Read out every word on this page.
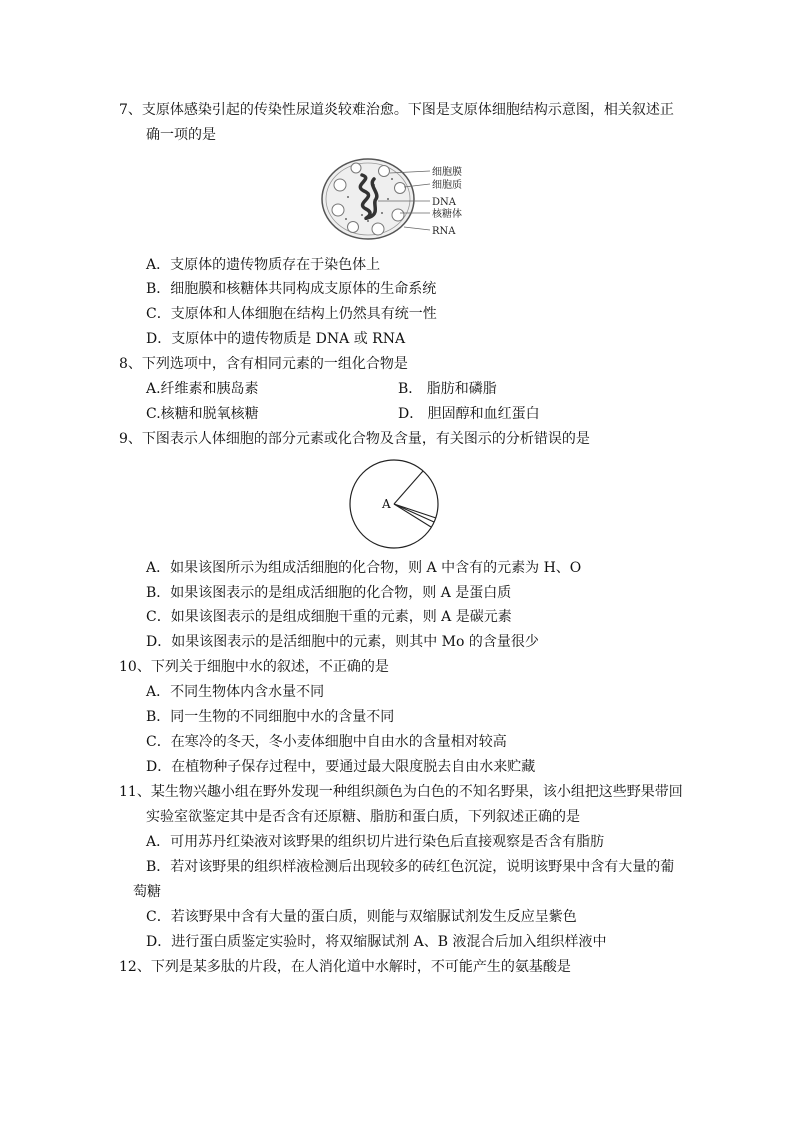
7、支原体感染引起的传染性尿道炎较难治愈。下图是支原体细胞结构示意图，相关叙述正
确一项的是
细胞膜
细胞质
DNA
核糖体
RNA
A．支原体的遗传物质存在于染色体上
B．细胞膜和核糖体共同构成支原体的生命系统
C．支原体和人体细胞在结构上仍然具有统一性
D．支原体中的遗传物质是 DNA 或 RNA
8、下列选项中，含有相同元素的一组化合物是
A.纤维素和胰岛素	B． 脂肪和磷脂
C.核糖和脱氧核糖	D． 胆固醇和血红蛋白
9、下图表示人体细胞的部分元素或化合物及含量，有关图示的分析错误的是
A
A．如果该图所示为组成活细胞的化合物，则 A 中含有的元素为 H、O
B．如果该图表示的是组成活细胞的化合物，则 A 是蛋白质
C．如果该图表示的是组成细胞干重的元素，则 A 是碳元素
D．如果该图表示的是活细胞中的元素，则其中 Mo 的含量很少
10、下列关于细胞中水的叙述，不正确的是
A．不同生物体内含水量不同
B．同一生物的不同细胞中水的含量不同
C．在寒冷的冬天，冬小麦体细胞中自由水的含量相对较高
D．在植物种子保存过程中，要通过最大限度脱去自由水来贮藏
11、某生物兴趣小组在野外发现一种组织颜色为白色的不知名野果，该小组把这些野果带回
实验室欲鉴定其中是否含有还原糖、脂肪和蛋白质，下列叙述正确的是
A．可用苏丹红染液对该野果的组织切片进行染色后直接观察是否含有脂肪
B．若对该野果的组织样液检测后出现较多的砖红色沉淀，说明该野果中含有大量的葡
萄糖
C．若该野果中含有大量的蛋白质，则能与双缩脲试剂发生反应呈紫色
D．进行蛋白质鉴定实验时，将双缩脲试剂 A、B 液混合后加入组织样液中
12、下列是某多肽的片段，在人消化道中水解时，不可能产生的氨基酸是
